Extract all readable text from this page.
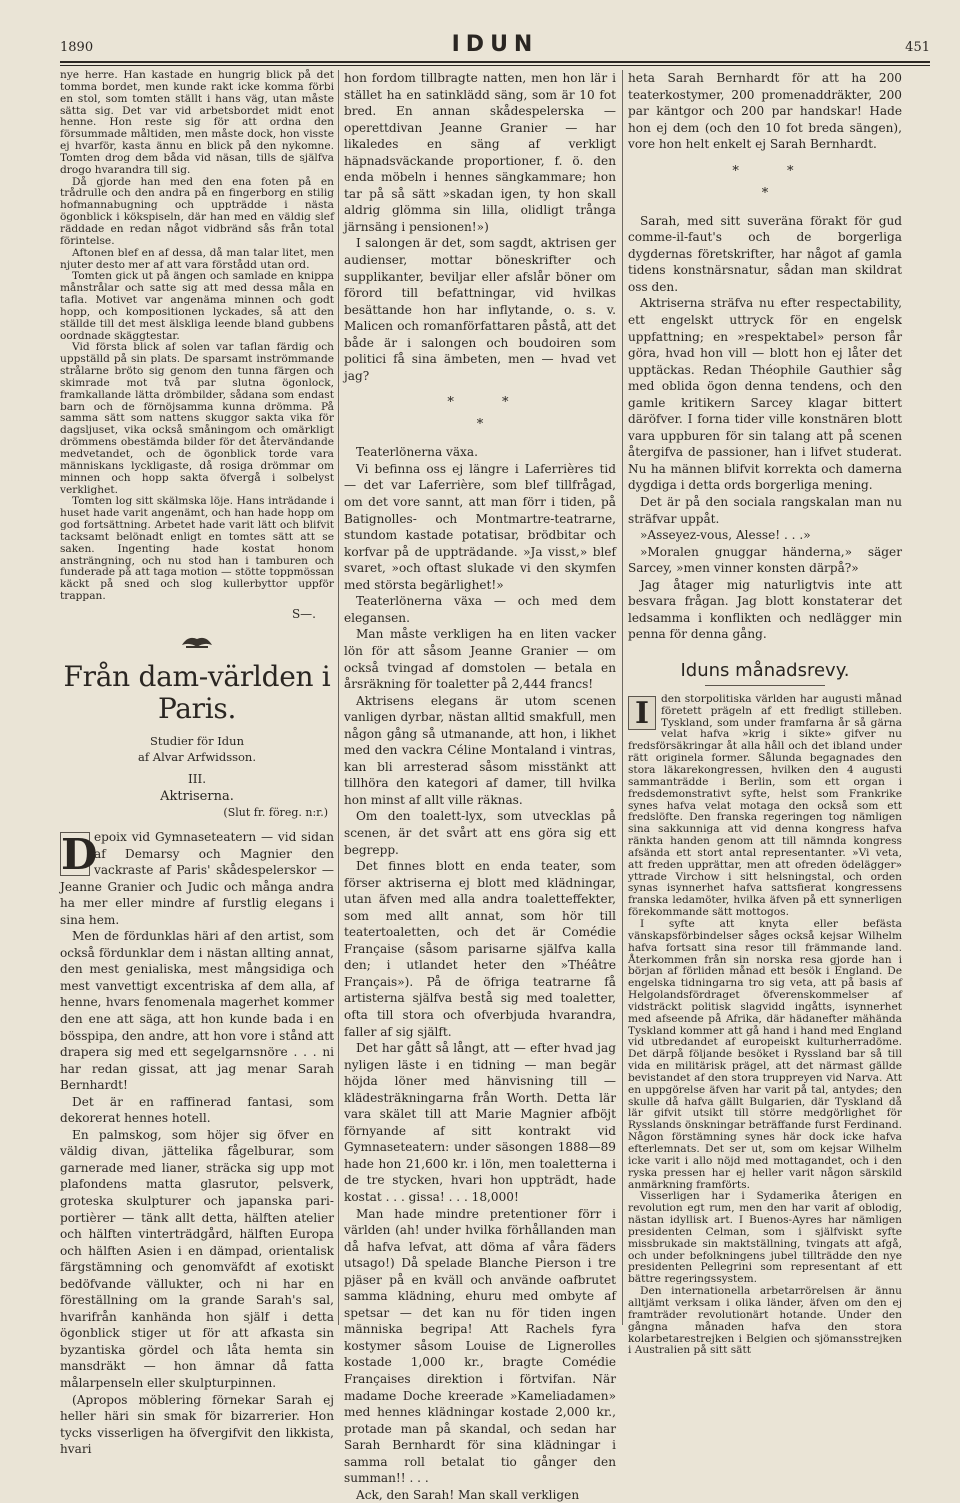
1890	IDUN	451

nye herre. Han kastade en hungrig blick på det tomma bordet, men kunde rakt icke komma förbi en stol, som tomten ställt i hans väg, utan måste sätta sig. Det var vid arbetsbordet midt enot henne. Hon reste sig för att ordna den försummade måltiden, men måste dock, hon visste ej hvarför, kasta ännu en blick på den nykomne. Tomten drog dem båda vid näsan, tills de själfva drogo hvarandra till sig.

Då gjorde han med den ena foten på en trådrulle och den andra på en fingerborg en stilig hofmannabugning och uppträdde i nästa ögonblick i kökspiseln, där han med en väldig slef räddade en redan något vidbränd sås från total förintelse.

Aftonen blef en af dessa, då man talar litet, men njuter desto mer af att vara förstådd utan ord.

Tomten gick ut på ängen och samlade en knippa månstrålar och satte sig att med dessa måla en tafla. Motivet var angenäma minnen och godt hopp, och kompositionen lyckades, så att den ställde till det mest älskliga leende bland gubbens oordnade skäggtestar.

Vid första blick af solen var taflan färdig och uppställd på sin plats. De sparsamt inströmmande strålarne bröto sig genom den tunna färgen och skimrade mot två par slutna ögonlock, framkallande lätta drömbilder, sådana som endast barn och de förnöjsamma kunna drömma. På samma sätt som nattens skuggor sakta vika för dagsljuset, vika också småningom och omärkligt drömmens obestämda bilder för det återvändande medvetandet, och de ögonblick torde vara människans lyckligaste, då rosiga drömmar om minnen och hopp sakta öfvergå i solbelyst verklighet.

Tomten log sitt skälmska löje. Hans inträdande i huset hade varit angenämt, och han hade hopp om god fortsättning. Arbetet hade varit lätt och blifvit tacksamt belönadt enligt en tomtes sätt att se saken. Ingenting hade kostat honom ansträngning, och nu stod han i tamburen och funderade på att taga motion — stötte toppmössan käckt på sned och slog kullerbyttor uppför trappan.

S—.

Från dam-världen i Paris.

Studier för Idun

af Alvar Arfwidsson.

III.

Aktriserna.

(Slut fr. föreg. n:r.)

D
epoix vid Gymnaseteatern — vid sidan af Demarsy och Magnier den vackraste af Paris' skådespelerskor — Jeanne Granier och Judic och många andra ha mer eller mindre af furstlig elegans i sina hem.

Men de fördunklas häri af den artist, som också fördunklar dem i nästan allting annat, den mest genialiska, mest mångsidiga och mest vanvettigt excentriska af dem alla, af henne, hvars fenomenala magerhet kommer den ene att säga, att hon kunde bada i en bösspipa, den andre, att hon vore i stånd att drapera sig med ett segelgarnsnöre . . . ni har redan gissat, att jag menar Sarah Bernhardt!

Det är en raffinerad fantasi, som dekorerat hennes hotell.

En palmskog, som höjer sig öfver en väldig divan, jättelika fågelburar, som garnerade med lianer, sträcka sig upp mot plafondens matta glasrutor, pelsverk, groteska skulpturer och japanska pari-portièrer — tänk allt detta, hälften atelier och hälften vinterträdgård, hälften Europa och hälften Asien i en dämpad, orientalisk färgstämning och genomväfdt af exotiskt bedöfvande vällukter, och ni har en föreställning om la grande Sarah's sal, hvarifrån kanhända hon själf i detta ögonblick stiger ut för att afkasta sin byzantiska gördel och låta hemta sin mansdräkt — hon ämnar då fatta målarpenseln eller skulpturpinnen.

(Apropos möblering förnekar Sarah ej heller häri sin smak för bizarrerier. Hon tycks visserligen ha öfvergifvit den likkista, hvari

hon fordom tillbragte natten, men hon lär i stället ha en satinklädd säng, som är 10 fot bred. En annan skådespelerska — operettdivan Jeanne Granier — har likaledes en säng af verkligt häpnadsväckande proportioner, f. ö. den enda möbeln i hennes sängkammare; hon tar på så sätt »skadan igen, ty hon skall aldrig glömma sin lilla, olidligt trånga järnsäng i pensionen!»)

I salongen är det, som sagdt, aktrisen ger audienser, mottar böneskrifter och supplikanter, beviljar eller afslår böner om förord till befattningar, vid hvilkas besättande hon har inflytande, o. s. v. Malicen och romanförfattaren påstå, att det både är i salongen och boudoiren som politici få sina ämbeten, men — hvad vet jag?

* *
*

Teaterlönerna växa.

Vi befinna oss ej längre i Laferrières tid — det var Laferrière, som blef tillfrågad, om det vore sannt, att man förr i tiden, på Batignolles- och Montmartre-teatrarne, stundom kastade potatisar, brödbitar och korfvar på de uppträdande. »Ja visst,» blef svaret, »och oftast slukade vi den skymfen med största begärlighet!»

Teaterlönerna växa — och med dem elegansen.

Man måste verkligen ha en liten vacker lön för att såsom Jeanne Granier — om också tvingad af domstolen — betala en årsräkning för toaletter på 2,444 francs!

Aktrisens elegans är utom scenen vanligen dyrbar, nästan alltid smakfull, men någon gång så utmanande, att hon, i likhet med den vackra Céline Montaland i vintras, kan bli arresterad såsom misstänkt att tillhöra den kategori af damer, till hvilka hon minst af allt ville räknas.

Om den toalett-lyx, som utvecklas på scenen, är det svårt att ens göra sig ett begrepp.

Det finnes blott en enda teater, som förser aktriserna ej blott med klädningar, utan äfven med alla andra toaletteffekter, som med allt annat, som hör till teatertoaletten, och det är Comédie Française (såsom parisarne själfva kalla den; i utlandet heter den »Théâtre Français»). På de öfriga teatrarne få artisterna själfva bestå sig med toaletter, ofta till stora och ofverbjuda hvarandra, faller af sig själft.

Det har gått så långt, att — efter hvad jag nyligen läste i en tidning — man begär höjda löner med hänvisning till — klädesträkningarna från Worth. Detta lär vara skälet till att Marie Magnier afböjt förnyande af sitt kontrakt vid Gymnaseteatern: under säsongen 1888—89 hade hon 21,600 kr. i lön, men toaletterna i de tre stycken, hvari hon uppträdt, hade kostat . . . gissa! . . . 18,000!

Man hade mindre pretentioner förr i världen (ah! under hvilka förhållanden man då hafva lefvat, att döma af våra fäders utsago!) Då spelade Blanche Pierson i tre pjäser på en kväll och använde oafbrutet samma klädning, ehuru med ombyte af spetsar — det kan nu för tiden ingen människa begripa! Att Rachels fyra kostymer såsom Louise de Lignerolles kostade 1,000 kr., bragte Comédie Françaises direktion i förtvifan. När madame Doche kreerade »Kameliadamen» med hennes klädningar kostade 2,000 kr., protade man på skandal, och sedan har Sarah Bernhardt för sina klädningar i samma roll betalat tio gånger den summan!! . . .

Ack, den Sarah! Man skall verkligen

heta Sarah Bernhardt för att ha 200 teaterkostymer, 200 promenaddräkter, 200 par käntgor och 200 par handskar! Hade hon ej dem (och den 10 fot breda sängen), vore hon helt enkelt ej Sarah Bernhardt.

* *
*

Sarah, med sitt suveräna förakt för gud comme-il-faut's och de borgerliga dygdernas företskrifter, har något af gamla tidens konstnärsnatur, sådan man skildrat oss den.

Aktriserna sträfva nu efter respectability, ett engelskt uttryck för en engelsk uppfattning; en »respektabel» person får göra, hvad hon vill — blott hon ej låter det upptäckas. Redan Théophile Gauthier såg med oblida ögon denna tendens, och den gamle kritikern Sarcey klagar bittert däröfver. I forna tider ville konstnären blott vara uppburen för sin talang att på scenen återgifva de passioner, han i lifvet studerat. Nu ha männen blifvit korrekta och damerna dygdiga i detta ords borgerliga mening.

Det är på den sociala rangskalan man nu sträfvar uppåt.

»Asseyez-vous, Alesse! . . .»

»Moralen gnuggar händerna,» säger Sarcey, »men vinner konsten därpå?»

Jag åtager mig naturligtvis inte att besvara frågan. Jag blott konstaterar det ledsamma i konflikten och nedlägger min penna för denna gång.

Iduns månadsrevy.
I	den storpolitiska världen har augusti månad företett prägeln af ett fredligt stilleben. Tyskland, som under framfarna år så gärna velat hafva »krig i sikte» gifver nu fredsförsäkringar åt alla håll och det ibland under rätt originela former. Sålunda begagnades den stora läkarekongressen, hvilken den 4 augusti sammanträdde i Berlin, som ett organ i fredsdemonstrativt syfte, helst som Frankrike synes hafva velat motaga den också som ett fredslöfte. Den franska regeringen tog nämligen sina sakkunniga att vid denna kongress hafva ränkta handen genom att till nämnda kongress afsända ett stort antal representanter. »Vi veta, att freden upprättar, men att ofreden ödelägger» yttrade Virchow i sitt helsningstal, och orden synas isynnerhet hafva sattsfierat kongressens franska ledamöter, hvilka äfven på ett synnerligen förekommande sätt mottogos.

I syfte att knyta eller befästa vänskapsförbindelser såges också kejsar Wilhelm hafva fortsatt sina resor till främmande land. Återkommen från sin norska resa gjorde han i början af förliden månad ett besök i England. De engelska tidningarna tro sig veta, att på basis af Helgolandsfördraget öfverenskommelser af vidsträckt politisk slagvidd ingåtts, isynnerhet med afseende på Afrika, där hädanefter mähända Tyskland kommer att gå hand i hand med England vid utbredandet af europeiskt kulturherradöme. Det därpå följande besöket i Ryssland bar så till vida en militärisk prägel, att det närmast gällde bevistandet af den stora truppreyen vid Narva. Att en uppgörelse äfven har varit på tal, antydes; den skulle då hafva gällt Bulgarien, där Tyskland då lär gifvit utsikt till större medgörlighet för Rysslands önskningar beträffande furst Ferdinand. Någon förstämning synes här dock icke hafva efterlemnats. Det ser ut, som om kejsar Wilhelm icke varit i allo nöjd med mottagandet, och i den ryska pressen har ej heller varit någon särskild anmärkning framförts.

Visserligen har i Sydamerika återigen en revolution egt rum, men den har varit af oblodig, nästan idyllisk art. I Buenos-Ayres har nämligen presidenten Celman, som i själfviskt syfte missbrukade sin maktställning, tvingats att afgå, och under befolkningens jubel tillträdde den nye presidenten Pellegrini som representant af ett bättre regeringssystem.

Den internationella arbetarrörelsen är ännu alltjämt verksam i olika länder, äfven om den ej framträder revolutionärt hotande. Under den gångna månaden hafva den stora kolarbetarestrejken i Belgien och sjömansstrejken i Australien på sitt sätt
